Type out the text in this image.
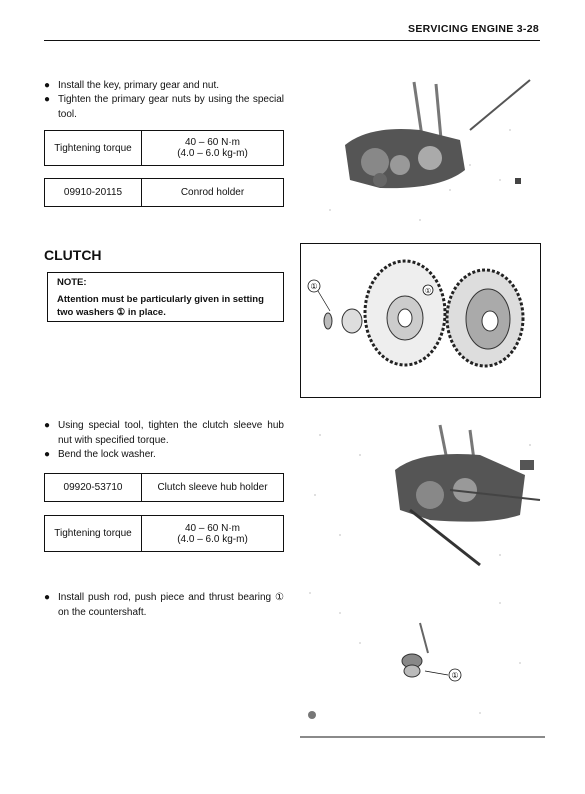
SERVICING ENGINE 3-28
● Install the key, primary gear and nut.
● Tighten the primary gear nuts by using the special tool.
Tightening torque	40 – 60 N·m
(4.0 – 6.0 kg-m)
09910-20115	Conrod holder
CLUTCH
NOTE:
Attention must be particularly given in setting two washers ① in place.
①
①
● Using special tool, tighten the clutch sleeve hub nut with specified torque.
● Bend the lock washer.
09920-53710	Clutch sleeve hub holder
Tightening torque	40 – 60 N·m
(4.0 – 6.0 kg-m)
● Install push rod, push piece and thrust bearing ① on the countershaft.
①
